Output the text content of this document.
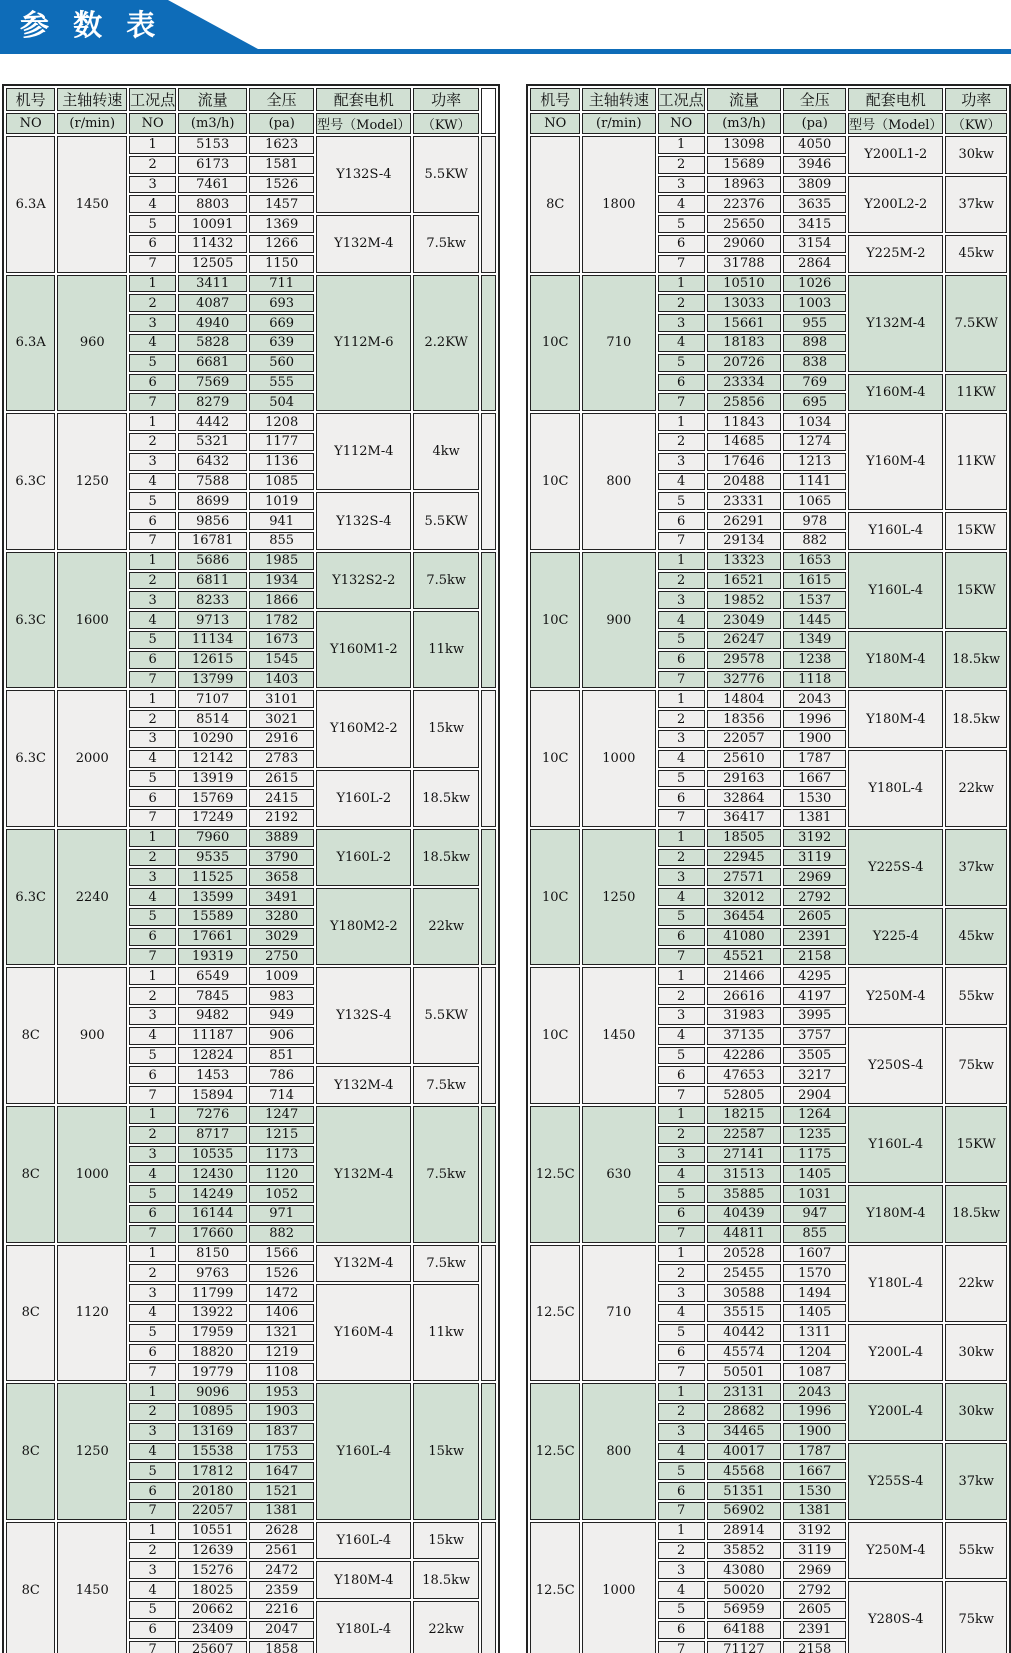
参 数 表
机号	主轴转速	工况点	流量	全压	配套电机	功率	
NO	(r/min)	NO	(m3/h)	(pa)	型号（Model）	（KW）	
6.3A	1450	1	5153	1623	Y132S-4	5.5KW	
		2	6173	1581			
		3	7461	1526			
		4	8803	1457			
		5	10091	1369	Y132M-4	7.5kw	
		6	11432	1266			
		7	12505	1150			
6.3A	960	1	3411	711	Y112M-6	2.2KW	
		2	4087	693			
		3	4940	669			
		4	5828	639			
		5	6681	560			
		6	7569	555			
		7	8279	504			
6.3C	1250	1	4442	1208	Y112M-4	4kw	
		2	5321	1177			
		3	6432	1136			
		4	7588	1085			
		5	8699	1019	Y132S-4	5.5KW	
		6	9856	941			
		7	16781	855			
6.3C	1600	1	5686	1985	Y132S2-2	7.5kw	
		2	6811	1934			
		3	8233	1866			
		4	9713	1782	Y160M1-2	11kw	
		5	11134	1673			
		6	12615	1545			
		7	13799	1403			
6.3C	2000	1	7107	3101	Y160M2-2	15kw	
		2	8514	3021			
		3	10290	2916			
		4	12142	2783			
		5	13919	2615	Y160L-2	18.5kw	
		6	15769	2415			
		7	17249	2192			
6.3C	2240	1	7960	3889	Y160L-2	18.5kw	
		2	9535	3790			
		3	11525	3658			
		4	13599	3491	Y180M2-2	22kw	
		5	15589	3280			
		6	17661	3029			
		7	19319	2750			
8C	900	1	6549	1009	Y132S-4	5.5KW	
		2	7845	983			
		3	9482	949			
		4	11187	906			
		5	12824	851			
		6	1453	786	Y132M-4	7.5kw	
		7	15894	714			
8C	1000	1	7276	1247	Y132M-4	7.5kw	
		2	8717	1215			
		3	10535	1173			
		4	12430	1120			
		5	14249	1052			
		6	16144	971			
		7	17660	882			
8C	1120	1	8150	1566	Y132M-4	7.5kw	
		2	9763	1526			
		3	11799	1472	Y160M-4	11kw	
		4	13922	1406			
		5	17959	1321			
		6	18820	1219			
		7	19779	1108			
8C	1250	1	9096	1953	Y160L-4	15kw	
		2	10895	1903			
		3	13169	1837			
		4	15538	1753			
		5	17812	1647			
		6	20180	1521			
		7	22057	1381			
8C	1450	1	10551	2628	Y160L-4	15kw	
		2	12639	2561			
		3	15276	2472	Y180M-4	18.5kw	
		4	18025	2359			
		5	20662	2216	Y180L-4	22kw	
		6	23409	2047			
		7	25607	1858			
机号	主轴转速	工况点	流量	全压	配套电机	功率
NO	(r/min)	NO	(m3/h)	(pa)	型号（Model）	（KW）
8C	1800	1	13098	4050	Y200L1-2	30kw
		2	15689	3946		
		3	18963	3809	Y200L2-2	37kw
		4	22376	3635		
		5	25650	3415		
		6	29060	3154	Y225M-2	45kw
		7	31788	2864		
10C	710	1	10510	1026	Y132M-4	7.5KW
		2	13033	1003		
		3	15661	955		
		4	18183	898		
		5	20726	838		
		6	23334	769	Y160M-4	11KW
		7	25856	695		
10C	800	1	11843	1034	Y160M-4	11KW
		2	14685	1274		
		3	17646	1213		
		4	20488	1141		
		5	23331	1065		
		6	26291	978	Y160L-4	15KW
		7	29134	882		
10C	900	1	13323	1653	Y160L-4	15KW
		2	16521	1615		
		3	19852	1537		
		4	23049	1445		
		5	26247	1349	Y180M-4	18.5kw
		6	29578	1238		
		7	32776	1118		
10C	1000	1	14804	2043	Y180M-4	18.5kw
		2	18356	1996		
		3	22057	1900		
		4	25610	1787	Y180L-4	22kw
		5	29163	1667		
		6	32864	1530		
		7	36417	1381		
10C	1250	1	18505	3192	Y225S-4	37kw
		2	22945	3119		
		3	27571	2969		
		4	32012	2792		
		5	36454	2605	Y225-4	45kw
		6	41080	2391		
		7	45521	2158		
10C	1450	1	21466	4295	Y250M-4	55kw
		2	26616	4197		
		3	31983	3995		
		4	37135	3757	Y250S-4	75kw
		5	42286	3505		
		6	47653	3217		
		7	52805	2904		
12.5C	630	1	18215	1264	Y160L-4	15KW
		2	22587	1235		
		3	27141	1175		
		4	31513	1405		
		5	35885	1031	Y180M-4	18.5kw
		6	40439	947		
		7	44811	855		
12.5C	710	1	20528	1607	Y180L-4	22kw
		2	25455	1570		
		3	30588	1494		
		4	35515	1405		
		5	40442	1311	Y200L-4	30kw
		6	45574	1204		
		7	50501	1087		
12.5C	800	1	23131	2043	Y200L-4	30kw
		2	28682	1996		
		3	34465	1900		
		4	40017	1787	Y255S-4	37kw
		5	45568	1667		
		6	51351	1530		
		7	56902	1381		
12.5C	1000	1	28914	3192	Y250M-4	55kw
		2	35852	3119		
		3	43080	2969		
		4	50020	2792	Y280S-4	75kw
		5	56959	2605		
		6	64188	2391		
		7	71127	2158		
